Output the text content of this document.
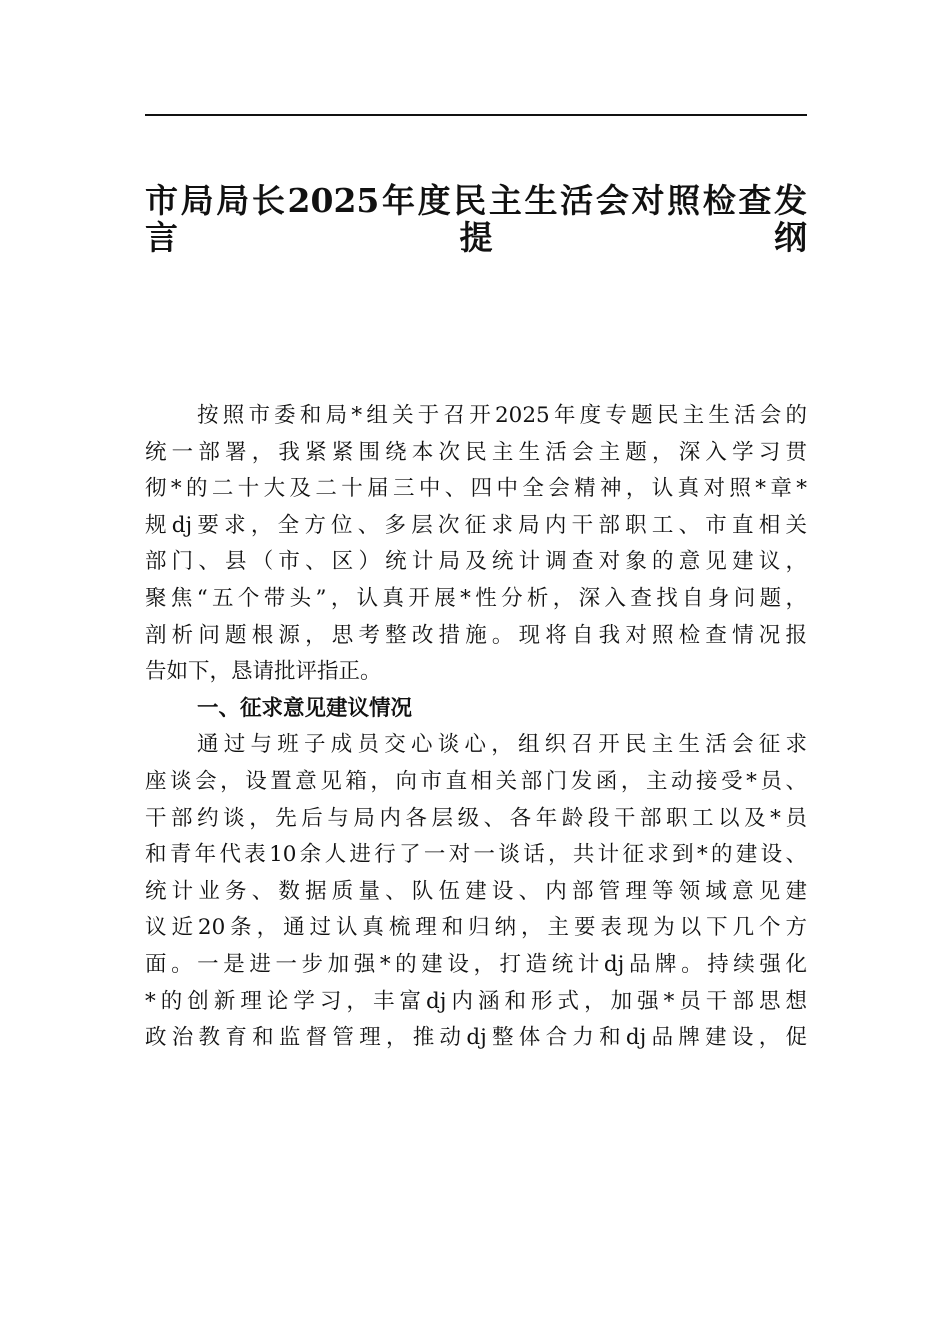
市局局长2025年度民主生活会对照检查发
言提纲
按照市委和局*组关于召开2025年度专题民主生活会的
统一部署，我紧紧围绕本次民主生活会主题，深入学习贯
彻*的二十大及二十届三中、四中全会精神，认真对照*章*
规dj要求，全方位、多层次征求局内干部职工、市直相关
部门、县（市、区）统计局及统计调查对象的意见建议，
聚焦“五个带头”，认真开展*性分析，深入查找自身问题，
剖析问题根源，思考整改措施。现将自我对照检查情况报
告如下，恳请批评指正。
一、征求意见建议情况
通过与班子成员交心谈心，组织召开民主生活会征求
座谈会，设置意见箱，向市直相关部门发函，主动接受*员、
干部约谈，先后与局内各层级、各年龄段干部职工以及*员
和青年代表10余人进行了一对一谈话，共计征求到*的建设、
统计业务、数据质量、队伍建设、内部管理等领域意见建
议近20条，通过认真梳理和归纳，主要表现为以下几个方
面。一是进一步加强*的建设，打造统计dj品牌。持续强化
*的创新理论学习，丰富dj内涵和形式，加强*员干部思想
政治教育和监督管理，推动dj整体合力和dj品牌建设，促
